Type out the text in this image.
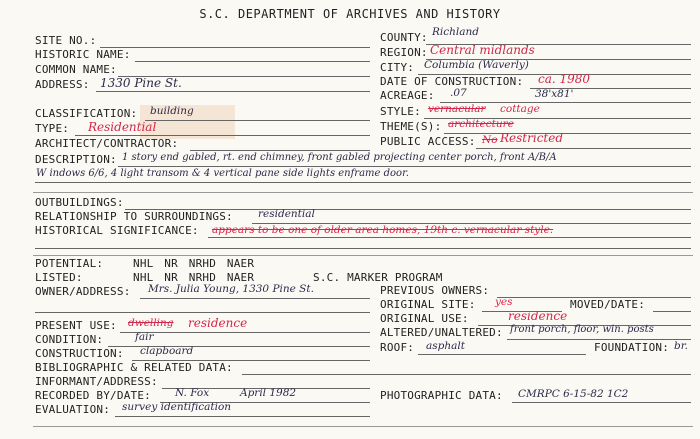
S.C. DEPARTMENT OF ARCHIVES AND HISTORY
SITE NO.:
HISTORIC NAME:
COMMON NAME:
ADDRESS: 1330 Pine St.
COUNTY: Richland
REGION: Central midlands
CITY: Columbia (Waverly)
DATE OF CONSTRUCTION: ca. 1980
ACREAGE: .07	38'x81'
CLASSIFICATION: building
TYPE: Residential
ARCHITECT/CONTRACTOR:
STYLE: vernacular cottage
THEME(S): architecture
PUBLIC ACCESS: No Restricted
DESCRIPTION: 1 story end gabled, rt. end chimney, front gabled projecting center porch, front A/B/A
W indows 6/6, 4 light transom & 4 vertical pane side lights enframe door.
OUTBUILDINGS:
RELATIONSHIP TO SURROUNDINGS: residential
HISTORICAL SIGNIFICANCE: appears to be one of older area homes, 19th c. vernacular style.
POTENTIAL:	NHL NR NRHD NAER
LISTED:	NHL NR NRHD NAER	S.C. MARKER PROGRAM
OWNER/ADDRESS: Mrs. Julia Young, 1330 Pine St.	PREVIOUS OWNERS:
ORIGINAL SITE: yes	MOVED/DATE:
PRESENT USE: dwelling residence	ORIGINAL USE:	residence
CONDITION:	fair	ALTERED/UNALTERED: front porch, floor, win. posts
CONSTRUCTION: clapboard	ROOF: asphalt	FOUNDATION: br.
BIBLIOGRAPHIC & RELATED DATA:
INFORMANT/ADDRESS:
RECORDED BY/DATE: N. Fox	April 1982	PHOTOGRAPHIC DATA: CMRPC 6-15-82 1C2
EVALUATION: survey identification
